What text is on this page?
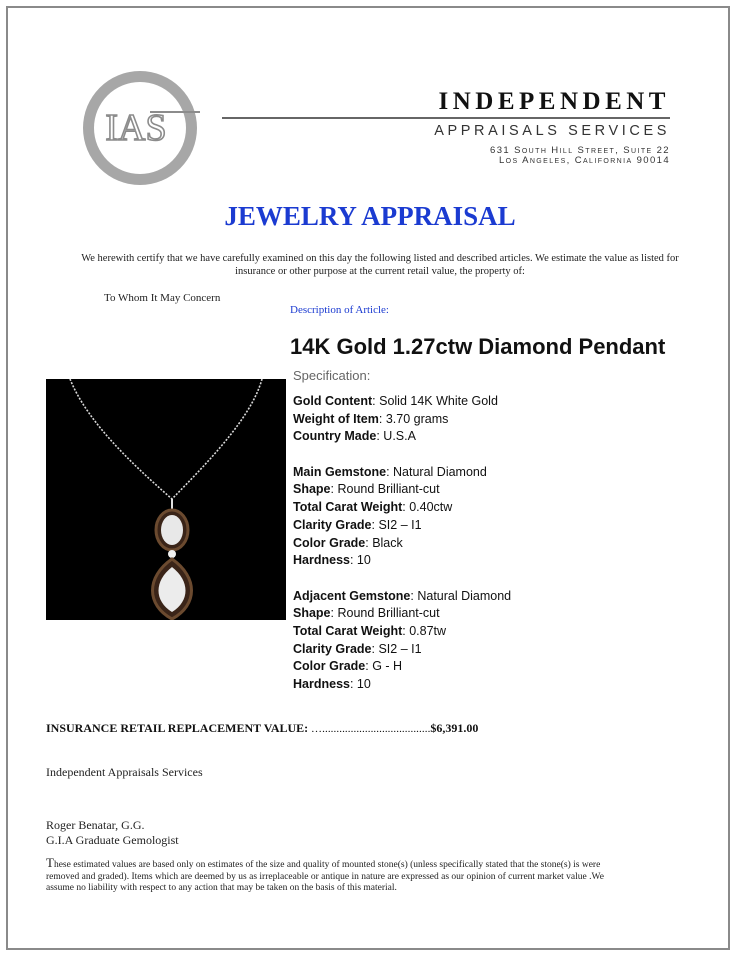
IAS
Appraisal
INDEPENDENT
APPRAISALS SERVICES
631 South Hill Street, Suite 22
Los Angeles, California 90014
JEWELRY APPRAISAL
We herewith certify that we have carefully examined on this day the following listed and described articles. We estimate the value as listed for insurance or other purpose at the current retail value, the property of:
To Whom It May Concern
Description of Article:
14K Gold 1.27ctw Diamond Pendant
Specification:
Gold Content: Solid 14K White Gold
Weight of Item: 3.70 grams
Country Made: U.S.A
Main Gemstone: Natural Diamond
Shape: Round Brilliant-cut
Total Carat Weight: 0.40ctw
Clarity Grade: SI2 – I1
Color Grade: Black
Hardness: 10
Adjacent Gemstone: Natural Diamond
Shape: Round Brilliant-cut
Total Carat Weight: 0.87tw
Clarity Grade: SI2 – I1
Color Grade: G - H
Hardness: 10
INSURANCE RETAIL REPLACEMENT VALUE: …......................................$6,391.00
Independent Appraisals Services
Roger Benatar, G.G.
G.I.A Graduate Gemologist
These estimated values are based only on estimates of the size and quality of mounted stone(s) (unless specifically stated that the stone(s) is were removed and graded). Items which are deemed by us as irreplaceable or antique in nature are expressed as our opinion of current market value .We assume no liability with respect to any action that may be taken on the basis of this material.
